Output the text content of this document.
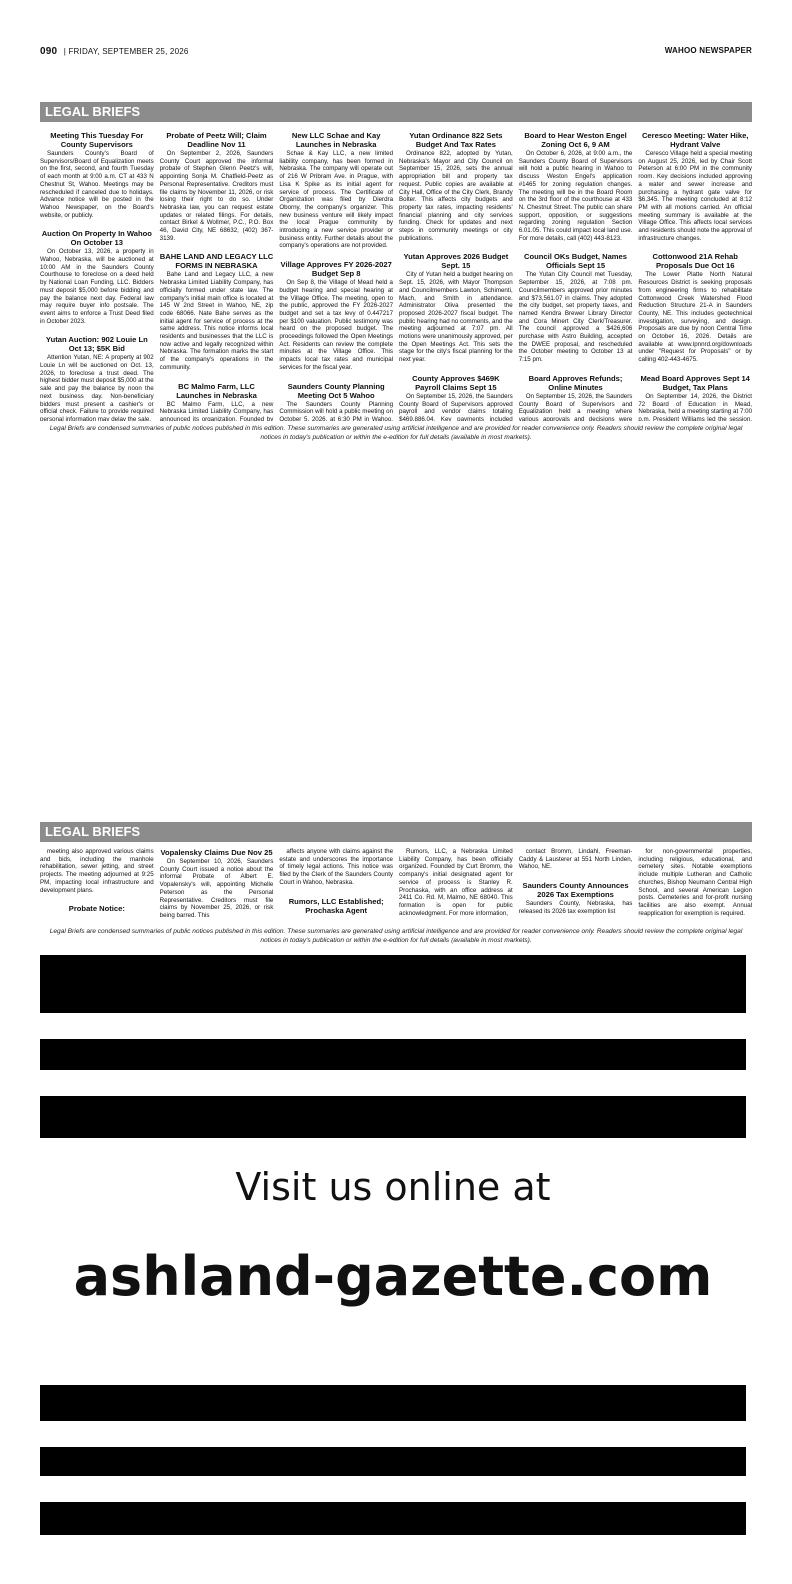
090 | FRIDAY, SEPTEMBER 25, 2026	WAHOO NEWSPAPER
LEGAL BRIEFS
Meeting This Tuesday For County Supervisors

Saunders County's Board of Supervisors/Board of Equalization meets on the first, second, and fourth Tuesday of each month at 9:00 a.m. CT at 433 N Chestnut St, Wahoo. Meetings may be rescheduled if canceled due to holidays. Advance notice will be posted in the Wahoo Newspaper, on the Board's website, or publicly.

Auction On Property In Wahoo On October 13

On October 13, 2026, a property in Wahoo, Nebraska, will be auctioned at 10:00 AM in the Saunders County Courthouse to foreclose on a deed held by National Loan Funding, LLC. Bidders must deposit $5,000 before bidding and pay the balance next day. Federal law may require buyer info postsale. The event aims to enforce a Trust Deed filed in October 2023.

Yutan Auction: 902 Louie Ln Oct 13; $5K Bid

Attention Yutan, NE: A property at 902 Louie Ln will be auctioned on Oct. 13, 2026, to foreclose a trust deed. The highest bidder must deposit $5,000 at the sale and pay the balance by noon the next business day. Non-beneficiary bidders must present a cashier's or official check. Failure to provide required personal information may delay the sale.

Probate of Peetz Will; Claim Deadline Nov 11

On September 2, 2026, Saunders County Court approved the informal probate of Stephen Glenn Peetz's will, appointing Sonja M. Chatfield-Peetz as Personal Representative. Creditors must file claims by November 11, 2026, or risk losing their right to do so. Under Nebraska law, you can request estate updates or related filings. For details, contact Birkel & Wollmer, P.C., P.O. Box 46, David City, NE 68632, (402) 367-3139.

BAHE LAND AND LEGACY LLC FORMS IN NEBRASKA

Bahe Land and Legacy LLC, a new Nebraska Limited Liability Company, has officially formed under state law. The company's initial main office is located at 145 W 2nd Street in Wahoo, NE, zip code 68066. Nate Bahe serves as the initial agent for service of process at the same address. This notice informs local residents and businesses that the LLC is now active and legally recognized within Nebraska. The formation marks the start of the company's operations in the community.

BC Malmo Farm, LLC Launches in Nebraska

BC Malmo Farm, LLC, a new Nebraska Limited Liability Company, has announced its organization. Founded by

New LLC Schae and Kay Launches in Nebraska

Schae & Kay LLC, a new limited liability company, has been formed in Nebraska. The company will operate out of 216 W Pribram Ave. in Prague, with Lisa K Spike as its initial agent for service of process. The Certificate of Organization was filed by Dierdra Oborny, the company's organizer. This new business venture will likely impact the local Prague community by introducing a new service provider or business entity. Further details about the company's operations are not provided.

Village Approves FY 2026-2027 Budget Sep 8

On Sep 8, the Village of Mead held a budget hearing and special hearing at the Village Office. The meeting, open to the public, approved the FY 2026-2027 budget and set a tax levy of 0.447217 per $100 valuation. Public testimony was heard on the proposed budget. The proceedings followed the Open Meetings Act. Residents can review the complete minutes at the Village Office. This impacts local tax rates and municipal services for the fiscal year.

Saunders County Planning Meeting Oct 5 Wahoo

The Saunders County Planning Commission will hold a public meeting on October 5, 2026, at 6:30 PM in Wahoo,

Yutan Ordinance 822 Sets Budget And Tax Rates

Ordinance 822, adopted by Yutan, Nebraska's Mayor and City Council on September 15, 2026, sets the annual appropriation bill and property tax request. Public copies are available at City Hall, Office of the City Clerk, Brandy Bolter. This affects city budgets and property tax rates, impacting residents' financial planning and city services funding. Check for updates and next steps in community meetings or city publications.

Yutan Approves 2026 Budget Sept. 15

City of Yutan held a budget hearing on Sept. 15, 2026, with Mayor Thompson and Councilmembers Lawton, Schimenti, Mach, and Smith in attendance. Administrator Oliva presented the proposed 2026-2027 fiscal budget. The public hearing had no comments, and the meeting adjourned at 7:07 pm. All motions were unanimously approved, per the Open Meetings Act. This sets the stage for the city's fiscal planning for the next year.

County Approves $469K Payroll Claims Sept 15

On September 15, 2026, the Saunders County Board of Supervisors approved payroll and vendor claims totaling $469,886.04. Key payments included

Board to Hear Weston Engel Zoning Oct 6, 9 AM

On October 6, 2026, at 9:00 a.m., the Saunders County Board of Supervisors will hold a public hearing in Wahoo to discuss Weston Engel's application #1465 for zoning regulation changes. The meeting will be in the Board Room on the 3rd floor of the courthouse at 433 N. Chestnut Street. The public can share support, opposition, or suggestions regarding zoning regulation Section 6.01.05. This could impact local land use. For more details, call (402) 443-8123.

Council OKs Budget, Names Officials Sept 15

The Yutan City Council met Tuesday, September 15, 2026, at 7:08 pm. Councilmembers approved prior minutes and $73,561.07 in claims. They adopted the city budget, set property taxes, and named Kendra Brewer Library Director and Cora Minert City Clerk/Treasurer. The council approved a $426,606 purchase with Astro Building, accepted the DWEE proposal, and rescheduled the October meeting to October 13 at 7:15 pm.

Board Approves Refunds; Online Minutes

On September 15, 2026, the Saunders County Board of Supervisors and Equalization held a meeting where various approvals and decisions were

Ceresco Meeting: Water Hike, Hydrant Valve

Ceresco Village held a special meeting on August 25, 2026, led by Chair Scott Peterson at 6:00 PM in the community room. Key decisions included approving a water and sewer increase and purchasing a hydrant gate valve for $6,345. The meeting concluded at 8:12 PM with all motions carried. An official meeting summary is available at the Village Office. This affects local services and residents should note the approval of infrastructure changes.

Cottonwood 21A Rehab Proposals Due Oct 16

The Lower Platte North Natural Resources District is seeking proposals from engineering firms to rehabilitate Cottonwood Creek Watershed Flood Reduction Structure 21-A in Saunders County, NE. This includes geotechnical investigation, surveying, and design. Proposals are due by noon Central Time on October 16, 2026. Details are available at www.lpnnrd.org/downloads under "Request for Proposals" or by calling 402-443-4675.

Mead Board Approves Sept 14 Budget, Tax Plans

On September 14, 2026, the District 72 Board of Education in Mead, Nebraska, held a meeting starting at 7:00 p.m. President Williams led the session,

Legal Briefs are condensed summaries of public notices published in this edition. These summaries are generated using artificial intelligence and are provided for reader convenience only. Readers should review the complete original legal notices in today's publication or within the e-edition for full details (available in most markets).
LEGAL BRIEFS

meeting also approved various claims and bids, including the manhole rehabilitation, sewer jetting, and street projects. The meeting adjourned at 9:25 PM, impacting local infrastructure and development plans.

Probate Notice:
Vopalensky Claims Due Nov 25

On September 10, 2026, Saunders County Court issued a notice about the informal Probate of Albert E. Vopalensky's will, appointing Michelle Peterson as the Personal Representative. Creditors must file claims by November 25, 2026, or risk being barred. This

affects anyone with claims against the estate and underscores the importance of timely legal actions. This notice was filed by the Clerk of the Saunders County Court in Wahoo, Nebraska.

Rumors, LLC Established; Prochaska Agent

Rumors, LLC, a Nebraska Limited Liability Company, has been officially organized. Founded by Curt Bromm, the company's initial designated agent for service of process is Stanley R. Prochaska, with an office address at 2411 Co. Rd. M, Malmo, NE 68040. This formation is open for public acknowledgment. For more information,

contact Bromm, Lindahl, Freeman-Caddy & Lausterer at 551 North Linden, Wahoo, NE.

Saunders County Announces 2026 Tax Exemptions

Saunders County, Nebraska, has released its 2026 tax exemption list

for non-governmental properties, including religious, educational, and cemetery sites. Notable exemptions include multiple Lutheran and Catholic churches, Bishop Neumann Central High School, and several American Legion posts. Cemeteries and for-profit nursing facilities are also exempt. Annual reapplication for exemption is required.

Legal Briefs are condensed summaries of public notices published in this edition. These summaries are generated using artificial intelligence and are provided for reader convenience only. Readers should review the complete original legal notices in today's publication or within the e-edition for full details (available in most markets).
Visit us online at
ashland-gazette.com
